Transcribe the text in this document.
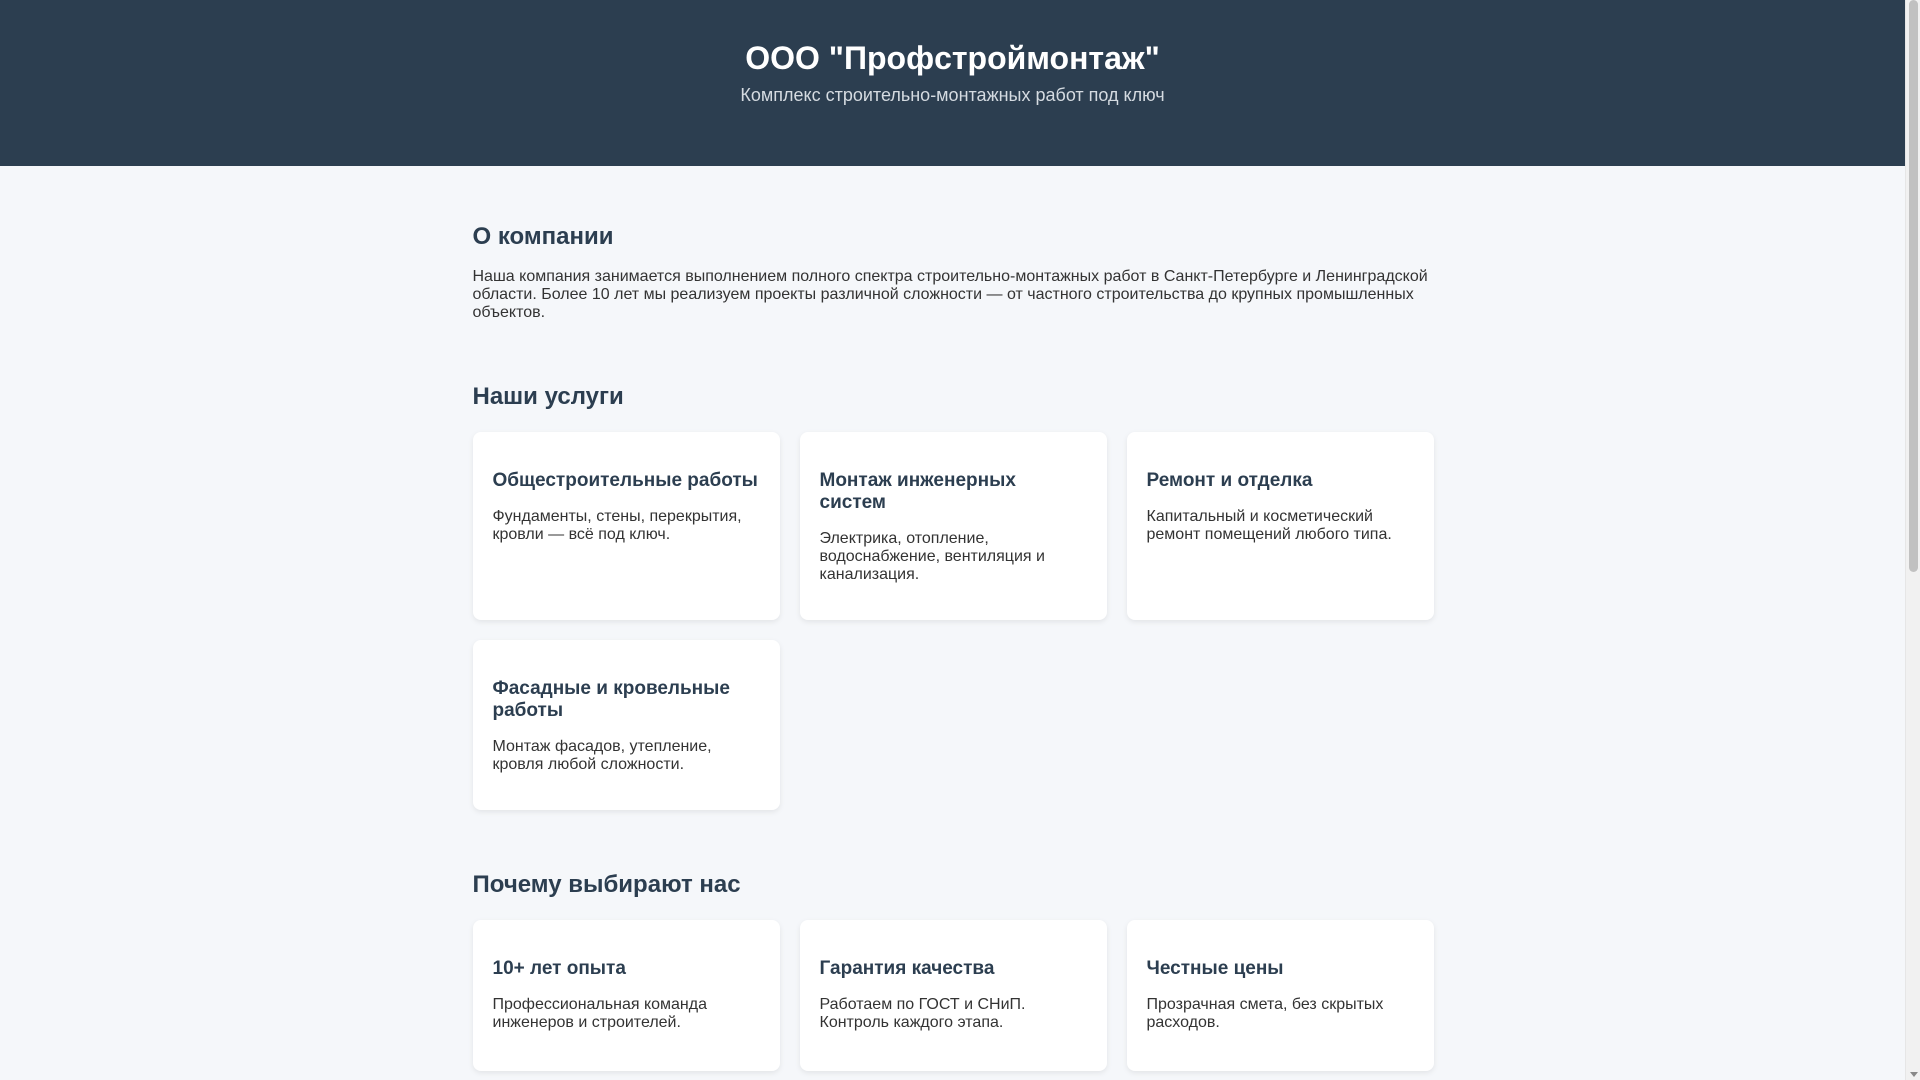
ООО "Профстроймонтаж"

Комплекс строительно-монтажных работ под ключ

О компании

Наша компания занимается выполнением полного спектра строительно-монтажных работ в Санкт-Петербурге и Ленинградской области. Более 10 лет мы реализуем проекты различной сложности — от частного строительства до крупных промышленных объектов.

Наши услуги
Общестроительные работы

Фундаменты, стены, перекрытия, кровли — всё под ключ.

Монтаж инженерных систем

Электрика, отопление, водоснабжение, вентиляция и канализация.

Ремонт и отделка

Капитальный и косметический ремонт помещений любого типа.

Фасадные и кровельные работы

Монтаж фасадов, утепление, кровля любой сложности.

Почему выбирают нас
10+ лет опыта

Профессиональная команда инженеров и строителей.

Гарантия качества

Работаем по ГОСТ и СНиП. Контроль каждого этапа.

Честные цены

Прозрачная смета, без скрытых расходов.
